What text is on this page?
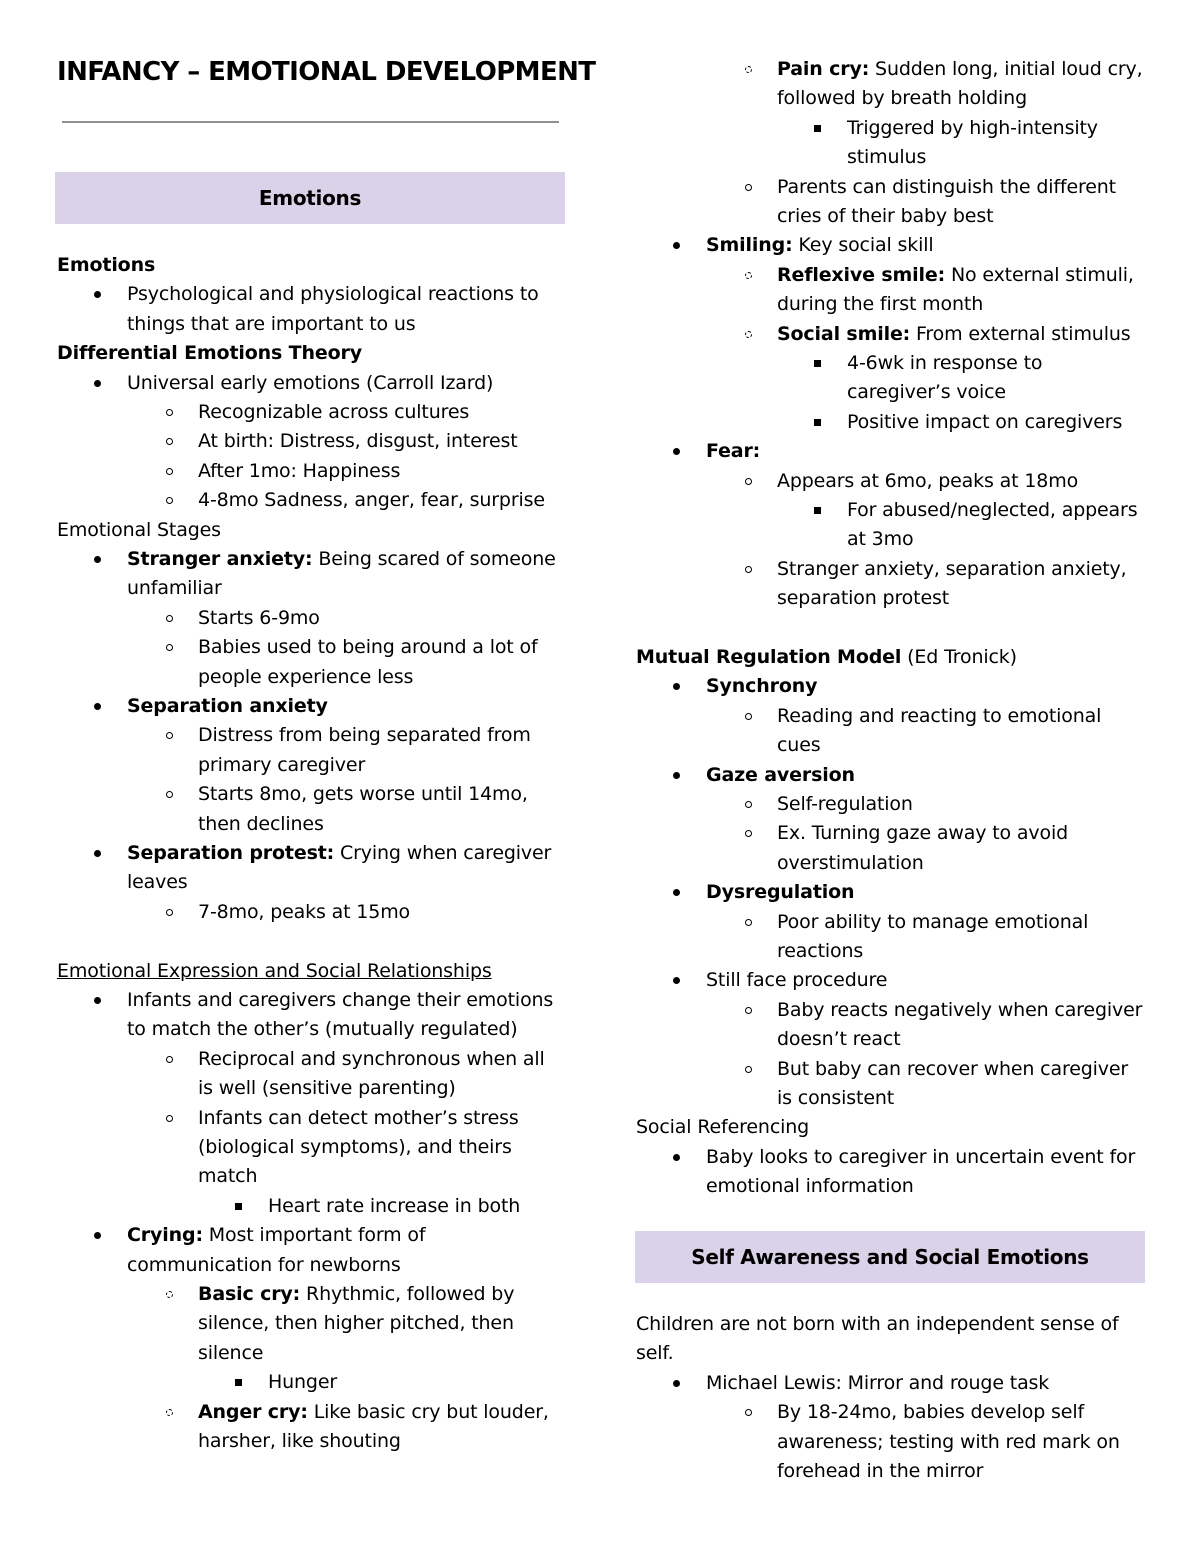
INFANCY – EMOTIONAL DEVELOPMENT
Emotions
Emotions
Psychological and physiological reactions to
things that are important to us
Differential Emotions Theory
Universal early emotions (Carroll Izard)
Recognizable across cultures
At birth: Distress, disgust, interest
After 1mo: Happiness
4-8mo Sadness, anger, fear, surprise
Emotional Stages
Stranger anxiety: Being scared of someone
unfamiliar
Starts 6-9mo
Babies used to being around a lot of
people experience less
Separation anxiety
Distress from being separated from
primary caregiver
Starts 8mo, gets worse until 14mo,
then declines
Separation protest: Crying when caregiver
leaves
7-8mo, peaks at 15mo
Emotional Expression and Social Relationships
Infants and caregivers change their emotions
to match the other’s (mutually regulated)
Reciprocal and synchronous when all
is well (sensitive parenting)
Infants can detect mother’s stress
(biological symptoms), and theirs
match
Heart rate increase in both
Crying: Most important form of
communication for newborns
Basic cry: Rhythmic, followed by
silence, then higher pitched, then
silence
Hunger
Anger cry: Like basic cry but louder,
harsher, like shouting
Pain cry: Sudden long, initial loud cry,
followed by breath holding
Triggered by high-intensity
stimulus
Parents can distinguish the different
cries of their baby best
Smiling: Key social skill
Reflexive smile: No external stimuli,
during the first month
Social smile: From external stimulus
4-6wk in response to
caregiver’s voice
Positive impact on caregivers
Fear:
Appears at 6mo, peaks at 18mo
For abused/neglected, appears
at 3mo
Stranger anxiety, separation anxiety,
separation protest
Mutual Regulation Model (Ed Tronick)
Synchrony
Reading and reacting to emotional
cues
Gaze aversion
Self-regulation
Ex. Turning gaze away to avoid
overstimulation
Dysregulation
Poor ability to manage emotional
reactions
Still face procedure
Baby reacts negatively when caregiver
doesn’t react
But baby can recover when caregiver
is consistent
Social Referencing
Baby looks to caregiver in uncertain event for
emotional information
Children are not born with an independent sense of
self.
Michael Lewis: Mirror and rouge task
By 18-24mo, babies develop self
awareness; testing with red mark on
forehead in the mirror
Self Awareness and Social Emotions
